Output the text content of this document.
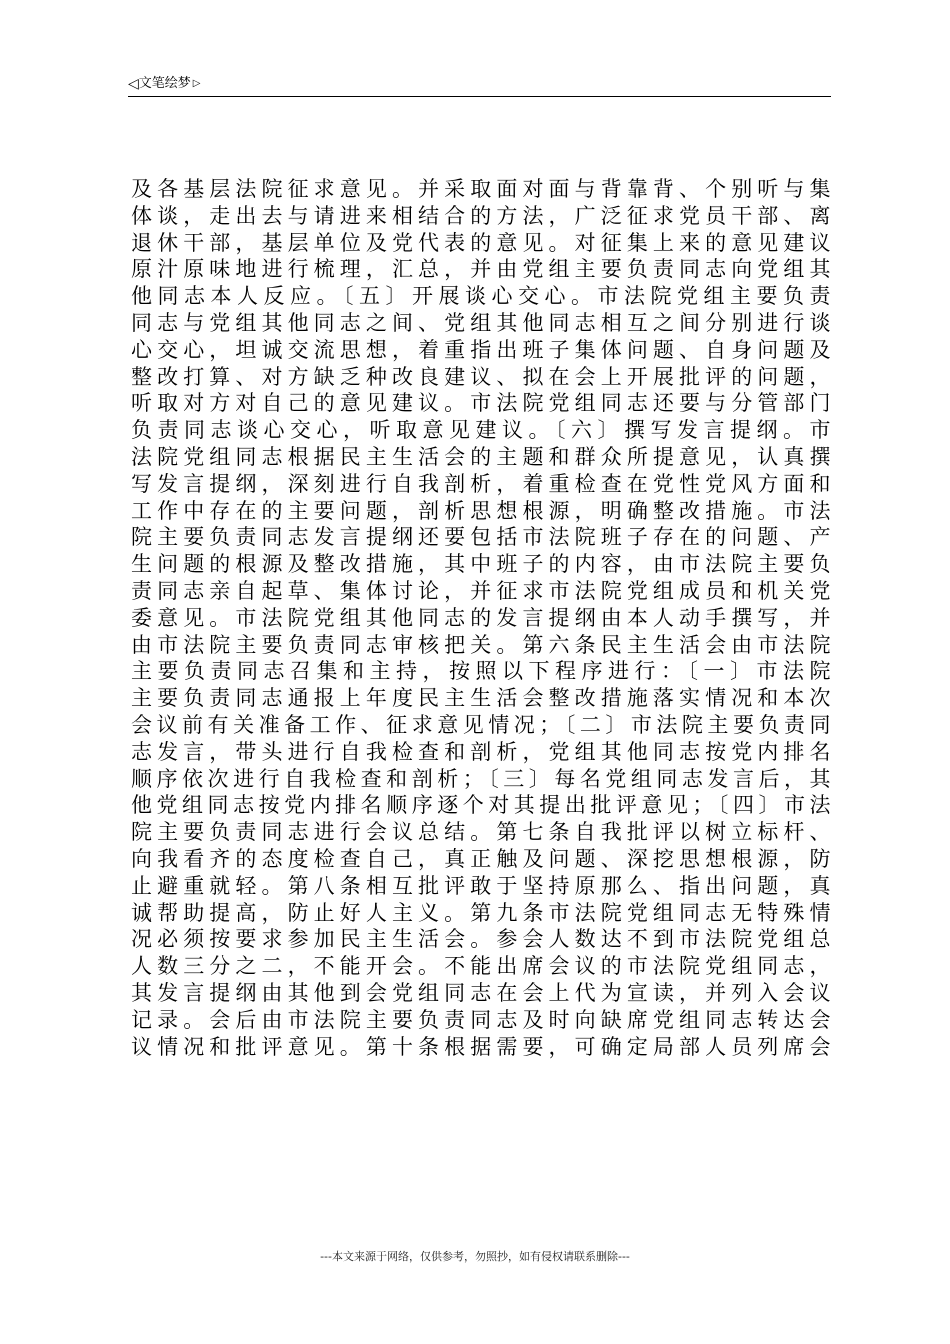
◁文笔绘梦 ▷
及各基层法院征求意见。并采取面对面与背靠背、个别听与集
体谈，走出去与请进来相结合的方法，广泛征求党员干部、离
退休干部，基层单位及党代表的意见。对征集上来的意见建议
原汁原味地进行梳理，汇总，并由党组主要负责同志向党组其
他同志本人反应。〔五〕开展谈心交心。市法院党组主要负责
同志与党组其他同志之间、党组其他同志相互之间分别进行谈
心交心，坦诚交流思想，着重指出班子集体问题、自身问题及
整改打算、对方缺乏种改良建议、拟在会上开展批评的问题，
听取对方对自己的意见建议。市法院党组同志还要与分管部门
负责同志谈心交心，听取意见建议。〔六〕撰写发言提纲。市
法院党组同志根据民主生活会的主题和群众所提意见，认真撰
写发言提纲，深刻进行自我剖析，着重检查在党性党风方面和
工作中存在的主要问题，剖析思想根源，明确整改措施。市法
院主要负责同志发言提纲还要包括市法院班子存在的问题、产
生问题的根源及整改措施，其中班子的内容，由市法院主要负
责同志亲自起草、集体讨论，并征求市法院党组成员和机关党
委意见。市法院党组其他同志的发言提纲由本人动手撰写，并
由市法院主要负责同志审核把关。第六条民主生活会由市法院
主要负责同志召集和主持，按照以下程序进行：〔一〕市法院
主要负责同志通报上年度民主生活会整改措施落实情况和本次
会议前有关准备工作、征求意见情况；〔二〕市法院主要负责同
志发言，带头进行自我检查和剖析，党组其他同志按党内排名
顺序依次进行自我检查和剖析；〔三〕每名党组同志发言后，其
他党组同志按党内排名顺序逐个对其提出批评意见；〔四〕市法
院主要负责同志进行会议总结。第七条自我批评以树立标杆、
向我看齐的态度检查自己，真正触及问题、深挖思想根源，防
止避重就轻。第八条相互批评敢于坚持原那么、指出问题，真
诚帮助提高，防止好人主义。第九条市法院党组同志无特殊情
况必须按要求参加民主生活会。参会人数达不到市法院党组总
人数三分之二，不能开会。不能出席会议的市法院党组同志，
其发言提纲由其他到会党组同志在会上代为宣读，并列入会议
记录。会后由市法院主要负责同志及时向缺席党组同志转达会
议情况和批评意见。第十条根据需要，可确定局部人员列席会
---本文来源于网络，仅供参考，勿照抄，如有侵权请联系删除---
